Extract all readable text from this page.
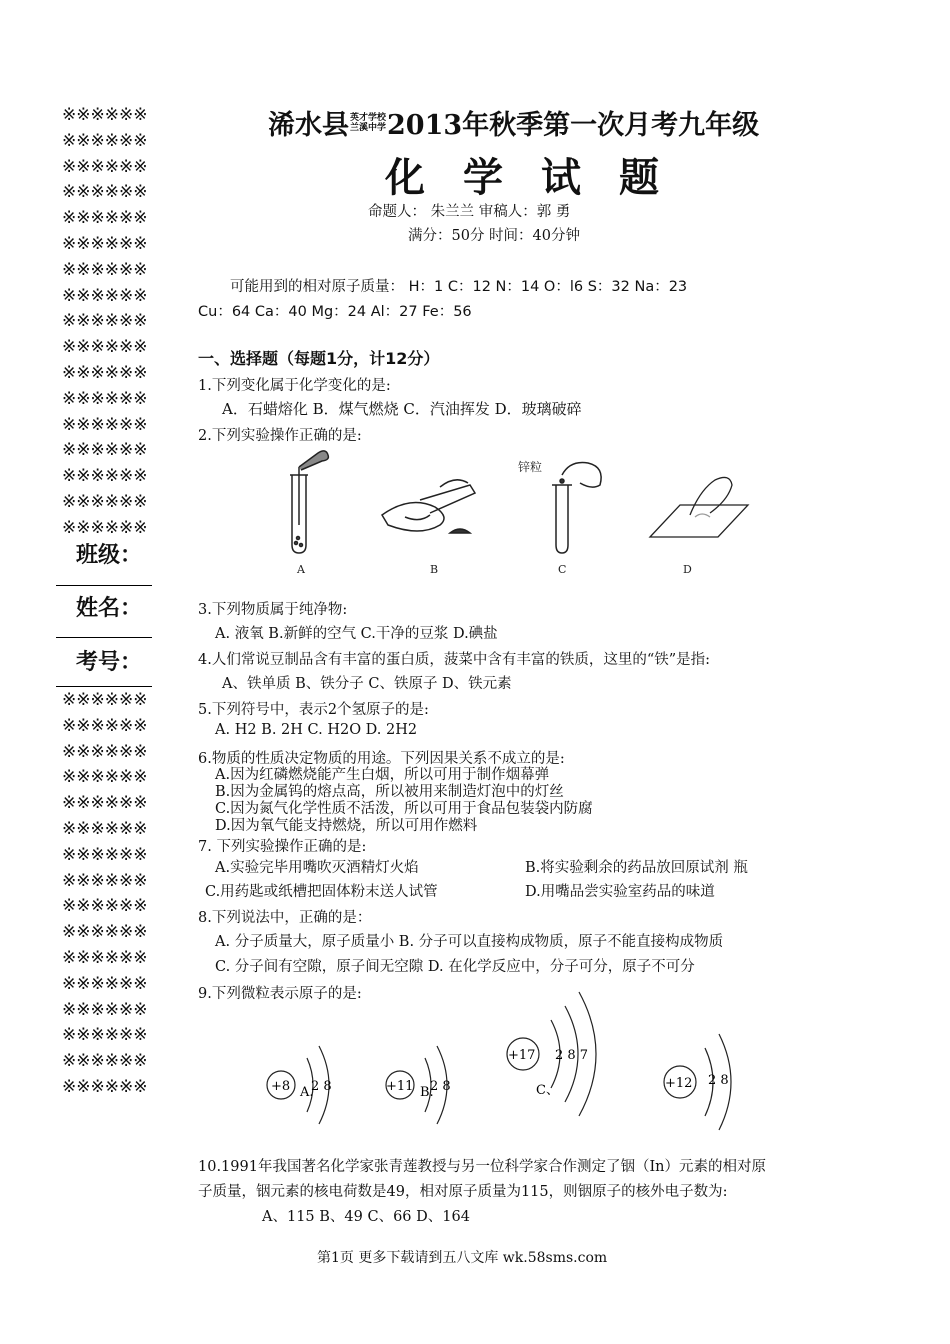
※※※※※※
※※※※※※
※※※※※※
※※※※※※
※※※※※※
※※※※※※
※※※※※※
※※※※※※
※※※※※※
※※※※※※
※※※※※※
※※※※※※
※※※※※※
※※※※※※
※※※※※※
※※※※※※
※※※※※※
班级：
姓名：
考号：
※※※※※※
※※※※※※
※※※※※※
※※※※※※
※※※※※※
※※※※※※
※※※※※※
※※※※※※
※※※※※※
※※※※※※
※※※※※※
※※※※※※
※※※※※※
※※※※※※
※※※※※※
※※※※※※
浠水县 英才学校
兰溪中学 2013年秋季第一次月考九年级
化学试题
命题人： 朱兰兰 审稿人：郭 勇
满分：50分 时间：40分钟
可能用到的相对原子质量： H：1 C：12 N：14 O：l6 S：32 Na：23
Cu：64 Ca：40 Mg：24 Al：27 Fe：56
一、选择题（每题1分，计12分）
1.下列变化属于化学变化的是:
A．石蜡熔化 B．煤气燃烧 C．汽油挥发 D．玻璃破碎
2.下列实验操作正确的是:
A	B
锌粒
C	D
3.下列物质属于纯净物:
A. 液氧 B.新鲜的空气 C.干净的豆浆 D.碘盐
4.人们常说豆制品含有丰富的蛋白质，菠菜中含有丰富的铁质，这里的“铁”是指:
A、铁单质 B、铁分子 C、铁原子 D、铁元素
5.下列符号中，表示2个氢原子的是:
A. H2 B. 2H C. H2O D. 2H2
6.物质的性质决定物质的用途。下列因果关系不成立的是:
A.因为红磷燃烧能产生白烟，所以可用于制作烟幕弹
B.因为金属钨的熔点高，所以被用来制造灯泡中的灯丝
C.因为氮气化学性质不活泼，所以可用于食品包装袋内防腐
D.因为氧气能支持燃烧，所以可用作燃料
7. 下列实验操作正确的是:
A.实验完毕用嘴吹灭酒精灯火焰	B.将实验剩余的药品放回原试剂 瓶
C.用药匙或纸槽把固体粉末送人试管	D.用嘴品尝实验室药品的味道
8.下列说法中，正确的是：
A. 分子质量大，原子质量小 B. 分子可以直接构成物质，原子不能直接构成物质
C. 分子间有空隙，原子间无空隙 D. 在化学反应中，分子可分，原子不可分
9.下列微粒表示原子的是:
+8 2 8
A.	+11 2 8
B.
+17 2 8 7
C、	+12 2 8
10.1991年我国著名化学家张青莲教授与另一位科学家合作测定了铟（In）元素的相对原
子质量，铟元素的核电荷数是49，相对原子质量为115，则铟原子的核外电子数为:
A、115 B、49 C、66 D、164
第1页 更多下载请到五八文库 wk.58sms.com
